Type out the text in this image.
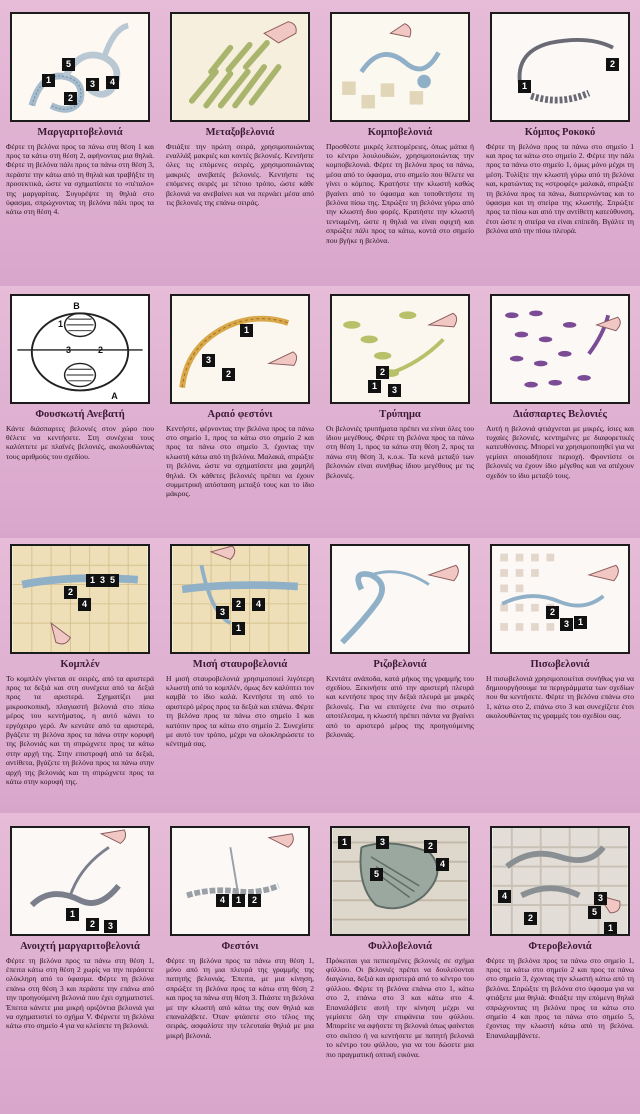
5
1
2
3	4
Μαργαριτοβελονιά
Φέρτε τη βελόνα προς τα πάνω στη θέση 1 και προς τα κάτω στη θέση 2, αφήνοντας μια θηλιά. Φέρτε τη βελόνα πάλι προς τα πάνω στη θέση 3, περάστε την κάτω από τη θηλιά και τραβήξτε τη προσεκτικά, ώστε να σχηματίσετε το «πέταλο» της μαργαρίτας. Συγυρέψτε τη θηλιά στο ύφασμα, σπρώχνοντας τη βελόνα πάλι προς τα κάτω στη θέση 4.
Μεταξοβελονιά
Φτιάξτε την πρώτη σειρά, χρησιμοποιώντας εναλλάξ μακριές και κοντές βελονιές. Κεντήστε όλες τις επόμενες σειρές, χρησιμοποιώντας μακριές ανεβατές βελονιές. Κεντήστε τις επόμενες σειρές με τέτοιο τρόπο, ώστε κάθε βελονιά να ανεβαίνει και να περνάει μέσα από τις βελονιές της επάνω σειράς.
Κομποβελονιά
Προσθέστε μικρές λεπτομέρειες, όπως μάτια ή το κέντρο λουλουδιών, χρησιμοποιώντας την κομποβελονιά. Φέρτε τη βελόνα προς τα πάνω, μέσα από το ύφασμα, στο σημείο που θέλετε να γίνει ο κόμπος. Κρατήστε την κλωστή καθώς βγαίνει από το ύφασμα και τοποθετήστε τη βελόνα πίσω της. Σπρώξτε τη βελόνα γύρω από την κλωστή δυο φορές. Κρατήστε την κλωστή τεντωμένη, ώστε η θηλιά να είναι σφιχτή και σπρώξτε πάλι προς τα κάτω, κοντά στο σημείο που βγήκε η βελόνα.
1
2
Κόμπος Ροκοκό
Φέρτε τη βελόνα προς τα πάνω στο σημείο 1 και προς τα κάτω στο σημείο 2. Φέρτε την πάλι προς τα πάνω στο σημείο 1, όμως μόνο μέχρι τη μέση. Τυλίξτε την κλωστή γύρω από τη βελόνα και, κρατώντας τις «στροφές» μαλακά, σπρώξτε τη βελόνα προς τα πάνω, διαπερνώντας και το ύφασμα και τη σπείρα της κλωστής. Σπρώξτε προς τα πίσω και από την αντίθετη κατεύθυνση, έτσι ώστε η σπείρα να είναι επίπεδη. Βγάλτε τη βελόνα από την πίσω πλευρά.
B
1
3	2
A
Φουσκωτή Ανεβατή
Κάντε διάσπαρτες βελονιές στον χώρο που θέλετε να κεντήσετε. Στη συνέχεια τους καλύπτετε με πλαϊνές βελονιές, ακολουθώντας τους αριθμούς του σχεδίου.
1
3
2
Αραιό φεστόνι
Κεντήστε, φέρνοντας την βελόνα προς τα πάνω στο σημείο 1, προς τα κάτω στο σημείο 2 και προς τα πάνω στο σημείο 3, έχοντας την κλωστή κάτω από τη βελόνα. Μαλακά, σπρώξτε τη βελόνα, ώστε να σχηματίσετε μια χαμηλή θηλιά. Οι κάθετες βελονιές πρέπει να έχουν συμμετρική απόσταση μεταξύ τους και το ίδιο μάκρος.
1
2
3
Τρύπημα
Οι βελονιές τρυπήματα πρέπει να είναι όλες του ίδιου μεγέθους. Φέρτε τη βελόνα προς τα πάνω στη θέση 1, προς τα κάτω στη θέση 2, προς τα πάνω στη θέση 3, κ.ο.κ. Τα κενά μεταξύ των βελονιών είναι συνήθως ίδιου μεγέθους με τις βελονιές.
Διάσπαρτες Βελονιές
Αυτή η βελονιά φτιάχνεται με μικρές, ίσιες και τυχαίες βελονιές, κεντημένες με διαφορετικές κατευθύνσεις. Μπορεί να χρησιμοποιηθεί για να γεμίσει οποιαδήποτε περιοχή. Φροντίστε οι βελονιές να έχουν ίδιο μέγεθος και να απέχουν σχεδόν το ίδιο μεταξύ τους.
5
3
1
2
4
Κομπλέν
Το κομπλέν γίνεται σε σειρές, από τα αριστερά προς τα δεξιά και στη συνέχεια από τα δεξιά προς τα αριστερά. Σχηματίζει μια μικροσκοπική, πλαγιαστή βελονιά στο πίσω μέρος του κεντήματος, η αυτό κάνει το εργόχειρο γερό. Αν κεντάτε από τα αριστερά, βγάζετε τη βελόνα προς τα πάνω στην κορυφή της βελονιάς και τη σπρώχνετε προς τα κάτω στην αρχή της. Στην επιστροφή από τα δεξιά, αντίθετα, βγάζετε τη βελόνα προς τα πάνω στην αρχή της βελονιάς και τη σπρώχνετε προς τα κάτω στην κορυφή της.
2
3
4
1
Μισή σταυροβελονιά
Η μισή σταυροβελονιά χρησιμοποιεί λιγότερη κλωστή από το κομπλέν, όμως δεν καλύπτει τον καμβά το ίδιο καλά. Κεντήστε τη από το αριστερό μέρος προς τα δεξιά και επάνω. Φέρτε τη βελόνα προς τα πάνω στο σημείο 1 και κατόπιν προς τα κάτω στο σημείο 2. Συνεχίστε με αυτό τον τρόπο, μέχρι να ολοκληρώσετε το κέντημά σας.
Ριζοβελονιά
Κεντάτε ανάποδα, κατά μήκος της γραμμής του σχεδίου. Ξεκινήστε από την αριστερή πλευρά και κεντήστε προς την δεξιά πλευρά με μικρές βελονιές. Για να επιτύχετε ένα πιο στρωτό αποτέλεσμα, η κλωστή πρέπει πάντα να βγαίνει από το αριστερό μέρος της προηγούμενης βελονιάς.
2
3 1
Πισωβελονιά
Η πισωβελονιά χρησιμοποιείται συνήθως για να δημιουργήσουμε τα περιγράμματα των σχεδίων που θα κεντήσετε. Φέρτε τη βελόνα επάνω στο 1, κάτω στο 2, επάνω στο 3 και συνεχίζετε έτσι ακολουθώντας τις γραμμές του σχεδίου σας.
1
2	3
Ανοιχτή μαργαριτοβελονιά
Φέρτε τη βελόνα προς τα πάνω στη θέση 1, έπειτα κάτω στη θέση 2 χωρίς να την περάσετε ολόκληρη από το ύφασμα. Φέρτε τη βελόνα επάνω στη θέση 3 και περάστε την επάνω από την προηγούμενη βελονιά που έχει σχηματιστεί. Έπειτα κάνετε μια μικρή οριζόντια βελονιά για να σχηματιστεί το σχήμα V. Φέρνετε τη βελόνα κάτω στο σημείο 4 για να κλείσετε τη βελονιά.
4	1	2
Φεστόνι
Φέρτε τη βελόνα προς τα πάνω στη θέση 1, μόνο από τη μια πλευρά της γραμμής της πατητής βελονιάς. Έπειτα, με μια κίνηση, σπρώξτε τη βελόνα προς τα κάτω στη θέση 2 και προς τα πάνω στη θέση 3. Πιάστε τη βελόνα με την κλωστή από κάτω της σαν θηλιά και επαναλάβετε. Όταν φτάσετε στο τέλος της σειράς, ασφαλίστε την τελευταία θηλιά με μια μικρή βελονιά.
1	3	2
4
5
Φυλλοβελονιά
Πρόκειται για πεπιεσμένες βελονιές σε σχήμα φύλλου. Οι βελονιές πρέπει να δουλεύονται διαγώνια, δεξιά και αριστερά από το κέντρο του φύλλου. Φέρτε τη βελόνα επάνω στο 1, κάτω στο 2, επάνω στο 3 και κάτω στο 4. Επαναλάβετε αυτή την κίνηση μέχρι να γεμίσετε όλη την επιφάνεια του φύλλου. Μπορείτε να αφήσετε τη βελονιά όπως φαίνεται στο σκίτσο ή να κεντήσετε με πατητή βελονιά το κέντρο του φύλλου, για να του δώσετε μια πιο πραγματική οπτική εικόνα.
4
2
5
3
1
Φτεροβελονιά
Φέρτε τη βελόνα προς τα πάνω στο σημείο 1, προς τα κάτω στο σημείο 2 και προς τα πάνω στο σημείο 3, έχοντας την κλωστή κάτω από τη βελόνα. Σπρώξτε τη βελόνα στο ύφασμα για να φτιάξετε μια θηλιά. Φτιάξτε την επόμενη θηλιά σπρώχνοντας τη βελόνα προς τα κάτω στο σημείο 4 και προς τα πάνω στο σημείο 5, έχοντας την κλωστή κάτω από τη βελόνα. Επαναλαμβάνετε.
